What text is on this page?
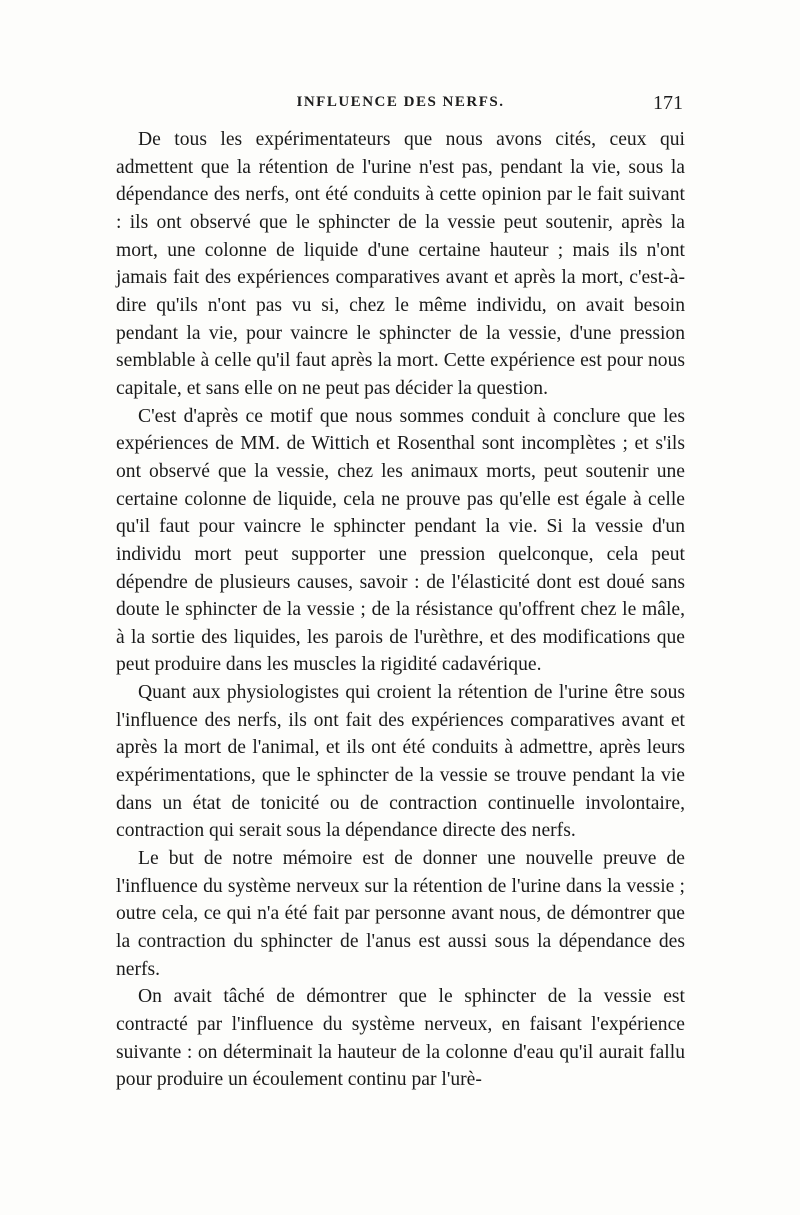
INFLUENCE DES NERFS.	171

De tous les expérimentateurs que nous avons cités, ceux qui admettent que la rétention de l'urine n'est pas, pendant la vie, sous la dépendance des nerfs, ont été conduits à cette opinion par le fait suivant : ils ont observé que le sphincter de la vessie peut soutenir, après la mort, une colonne de liquide d'une certaine hauteur ; mais ils n'ont jamais fait des expériences comparatives avant et après la mort, c'est-à-dire qu'ils n'ont pas vu si, chez le même individu, on avait besoin pendant la vie, pour vaincre le sphincter de la vessie, d'une pression semblable à celle qu'il faut après la mort. Cette expérience est pour nous capitale, et sans elle on ne peut pas décider la question.

C'est d'après ce motif que nous sommes conduit à conclure que les expériences de MM. de Wittich et Rosenthal sont incomplètes ; et s'ils ont observé que la vessie, chez les animaux morts, peut soutenir une certaine colonne de liquide, cela ne prouve pas qu'elle est égale à celle qu'il faut pour vaincre le sphincter pendant la vie. Si la vessie d'un individu mort peut supporter une pression quelconque, cela peut dépendre de plusieurs causes, savoir : de l'élasticité dont est doué sans doute le sphincter de la vessie ; de la résistance qu'offrent chez le mâle, à la sortie des liquides, les parois de l'urèthre, et des modifications que peut produire dans les muscles la rigidité cadavérique.

Quant aux physiologistes qui croient la rétention de l'urine être sous l'influence des nerfs, ils ont fait des expériences comparatives avant et après la mort de l'animal, et ils ont été conduits à admettre, après leurs expérimentations, que le sphincter de la vessie se trouve pendant la vie dans un état de tonicité ou de contraction continuelle involontaire, contraction qui serait sous la dépendance directe des nerfs.

Le but de notre mémoire est de donner une nouvelle preuve de l'influence du système nerveux sur la rétention de l'urine dans la vessie ; outre cela, ce qui n'a été fait par personne avant nous, de démontrer que la contraction du sphincter de l'anus est aussi sous la dépendance des nerfs.

On avait tâché de démontrer que le sphincter de la vessie est contracté par l'influence du système nerveux, en faisant l'expérience suivante : on déterminait la hauteur de la colonne d'eau qu'il aurait fallu pour produire un écoulement continu par l'urè-
